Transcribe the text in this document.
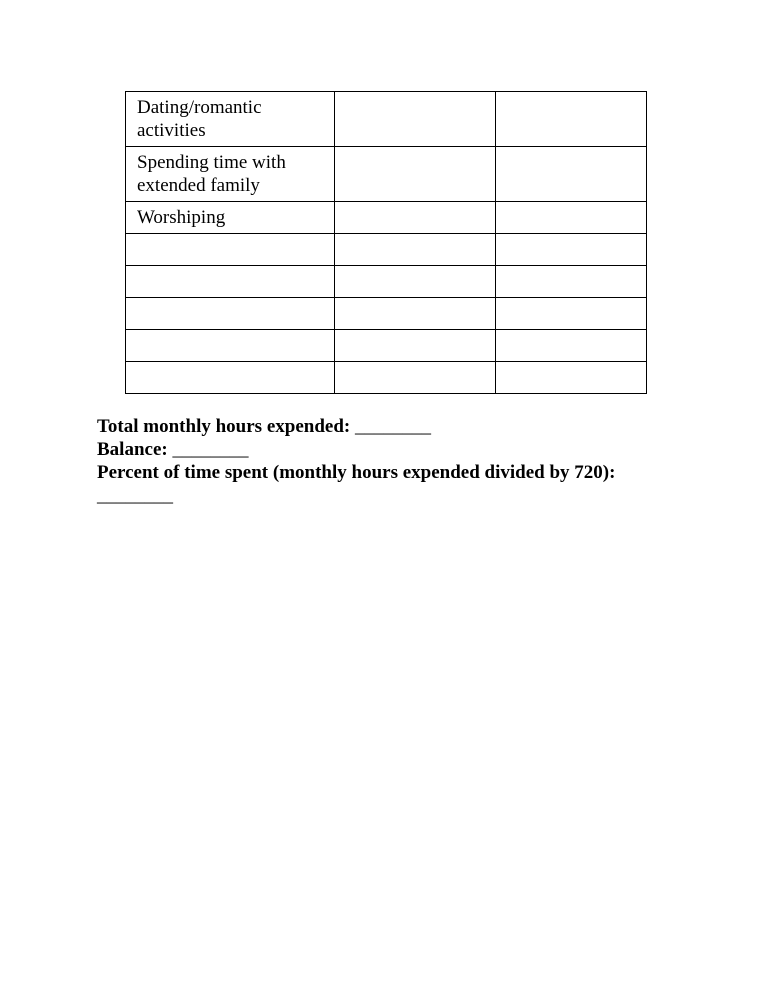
Dating/romantic activities		

Spending time with extended family		

Worshiping		

Total monthly hours expended: ________
Balance: ________
Percent of time spent (monthly hours expended divided by 720):
________
